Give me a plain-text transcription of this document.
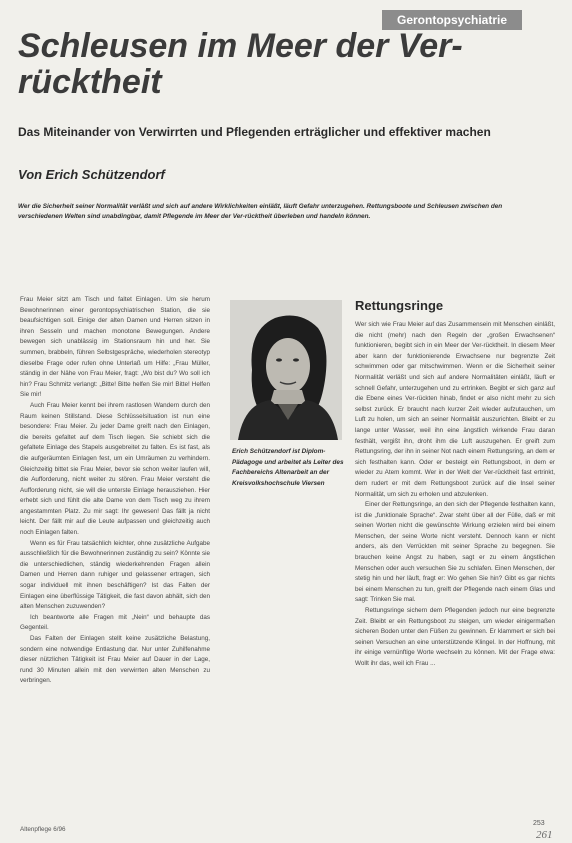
Gerontopsychiatrie
Schleusen im Meer der Ver-rücktheit
Das Miteinander von Verwirrten und Pflegenden erträglicher und effektiver machen
Von Erich Schützendorf
Wer die Sicherheit seiner Normalität verläßt und sich auf andere Wirklichkeiten einläßt, läuft Gefahr unterzugehen. Rettungsboote und Schleusen zwischen den verschiedenen Welten sind unabdingbar, damit Pflegende im Meer der Ver-rücktheit überleben und handeln können.

Frau Meier sitzt am Tisch und faltet Einlagen. Um sie herum Bewohnerinnen einer gerontopsychiatrischen Station, die sie beaufsichtigen soll. Einige der alten Damen und Herren sitzen in ihren Sesseln und machen monotone Bewegungen. Andere bewegen sich unablässig im Stationsraum hin und her. Sie summen, brabbeln, führen Selbstgespräche, wiederholen stereotyp dieselbe Frage oder rufen ohne Unterlaß um Hilfe: „Frau Müller, ständig in der Nähe von Frau Meier, fragt: „Wo bist du? Wo soll ich hin? Frau Schmitz verlangt: „Bitte! Bitte helfen Sie mir! Bitte! Helfen Sie mir!

Auch Frau Meier kennt bei ihrem rastlosen Wandern durch den Raum keinen Stillstand. Diese Schlüsselsituation ist nun eine besondere: Frau Meier. Zu jeder Dame greift nach den Einlagen, die bereits gefaltet auf dem Tisch liegen. Sie schiebt sich die gefaltete Einlage des Stapels ausgebreitet zu falten. Es ist fast, als die aufgeräumten Einlagen fest, um ein Umräumen zu verhindern. Gleichzeitig bittet sie Frau Meier, bevor sie schon weiter laufen will, die Aufforderung, nicht weiter zu stören. Frau Meier versteht die Aufforderung nicht, sie will die unterste Einlage herausziehen. Hier erhebt sich und fühlt die alte Dame von dem Tisch weg zu ihrem angestammten Platz. Zu mir sagt: Ihr gewesen! Das fällt ja nicht leicht. Der fällt mir auf die Leute aufpassen und gleichzeitig auch noch Einlagen falten.

Wenn es für Frau tatsächlich leichter, ohne zusätzliche Aufgabe ausschließlich für die Bewohnerinnen zuständig zu sein? Könnte sie die unterschiedlichen, ständig wiederkehrenden Fragen allein Damen und Herren dann ruhiger und gelassener ertragen, sich sogar individuell mit ihnen beschäftigen? Ist das Falten der Einlagen eine überflüssige Tätigkeit, die fast davon abhält, sich den alten Menschen zuzuwenden?

Ich beantworte alle Fragen mit „Nein“ und behaupte das Gegenteil.

Das Falten der Einlagen stellt keine zusätzliche Belastung, sondern eine notwendige Entlastung dar. Nur unter Zuhilfenahme dieser nützlichen Tätigkeit ist Frau Meier auf Dauer in der Lage, rund 30 Minuten allein mit den verwirrten alten Menschen zu verbringen.

Erich Schützendorf ist Diplom-Pädagoge und arbeitet als Leiter des Fachbereichs Altenarbeit an der Kreisvolkshochschule Viersen
Rettungsringe

Wer sich wie Frau Meier auf das Zusammensein mit Menschen einläßt, die nicht (mehr) nach den Regeln der „großen Erwachsenen“ funktionieren, begibt sich in ein Meer der Ver-rücktheit. In diesem Meer aber kann der funktionierende Erwachsene nur begrenzte Zeit schwimmen oder gar mitschwimmen. Wenn er die Sicherheit seiner Normalität verläßt und sich auf andere Normalitäten einläßt, läuft er schnell Gefahr, unterzugehen und zu ertrinken. Begibt er sich ganz auf die Ebene eines Ver-rückten hinab, findet er also nicht mehr zu sich selbst zurück. Er braucht nach kurzer Zeit wieder aufzutauchen, um Luft zu holen, um sich an seiner Normalität auszurichten. Bleibt er zu lange unter Wasser, weil ihn eine ängstlich wirkende Frau daran festhält, vergißt ihn, droht ihm die Luft auszugehen. Er greift zum Rettungsring, der ihn in seiner Not nach einem Rettungsring, an dem er sich festhalten kann. Oder er besteigt ein Rettungsboot, in dem er wieder zu Atem kommt. Wer in der Welt der Ver-rücktheit fast ertrinkt, dem rudert er mit dem Rettungsboot zurück auf die Insel seiner Normalität, um sich zu erholen und abzulenken.

Einer der Rettungsringe, an den sich der Pflegende festhalten kann, ist die „funktionale Sprache“. Zwar steht über all der Fülle, daß er mit seinen Worten nicht die gewünschte Wirkung erzielen wird bei einem Menschen, der seine Worte nicht versteht. Dennoch kann er nicht anders, als den Verrückten mit seiner Sprache zu begegnen. Sie brauchen keine Angst zu haben, sagt er zu einem ängstlichen Menschen oder auch versuchen Sie zu schlafen. Einen Menschen, der stetig hin und her läuft, fragt er: Wo gehen Sie hin? Gibt es gar nichts bei einem Menschen zu tun, greift der Pflegende nach einem Glas und sagt: Trinken Sie mal.

Rettungsringe sichern dem Pflegenden jedoch nur eine begrenzte Zeit. Bleibt er ein Rettungsboot zu steigen, um wieder einigermaßen sicheren Boden unter den Füßen zu gewinnen. Er klammert er sich bei seinen Versuchen an eine unterstützende Klingel. In der Hoffnung, mit ihr einige vernünftige Worte wechseln zu können. Mit der Frage etwa: Wollt ihr das, weil ich Frau ...

Altenpflege 6/96
253
261
